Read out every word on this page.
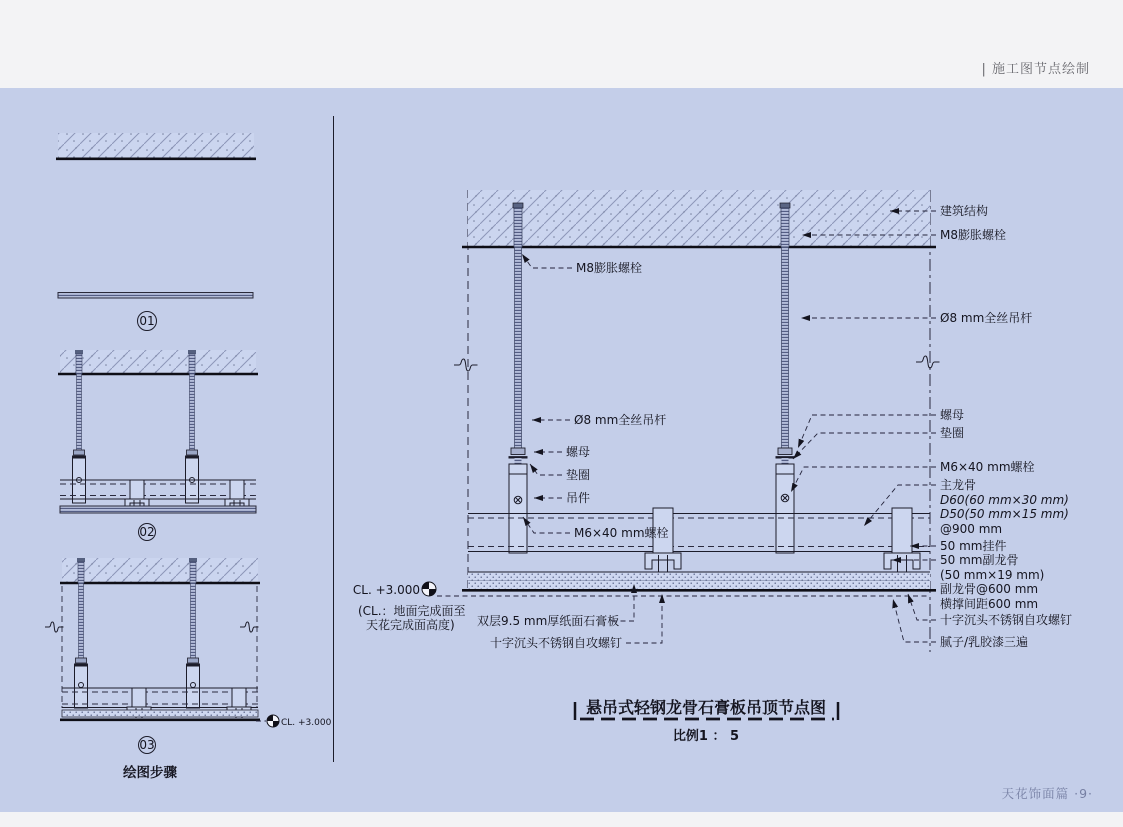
| 施工图节点绘制
天花饰面篇 ·9·
01
02
CL. +3.000
03
绘图步骤
CL. +3.000
(CL.：地面完成面至
天花完成面高度)
M8膨胀螺栓
Ø8 mm全丝吊杆
螺母
垫圈
吊件
M6×40 mm螺栓
双层9.5 mm厚纸面石膏板
十字沉头不锈钢自攻螺钉
建筑结构
M8膨胀螺栓
Ø8 mm全丝吊杆
螺母
垫圈
M6×40 mm螺栓
主龙骨
D60(60 mm×30 mm)
D50(50 mm×15 mm)
@900 mm
50 mm挂件
50 mm副龙骨
(50 mm×19 mm)
副龙骨@600 mm
横撑间距600 mm
十字沉头不锈钢自攻螺钉
腻子/乳胶漆三遍
悬吊式轻钢龙骨石膏板吊顶节点图
比例1 ： 5
